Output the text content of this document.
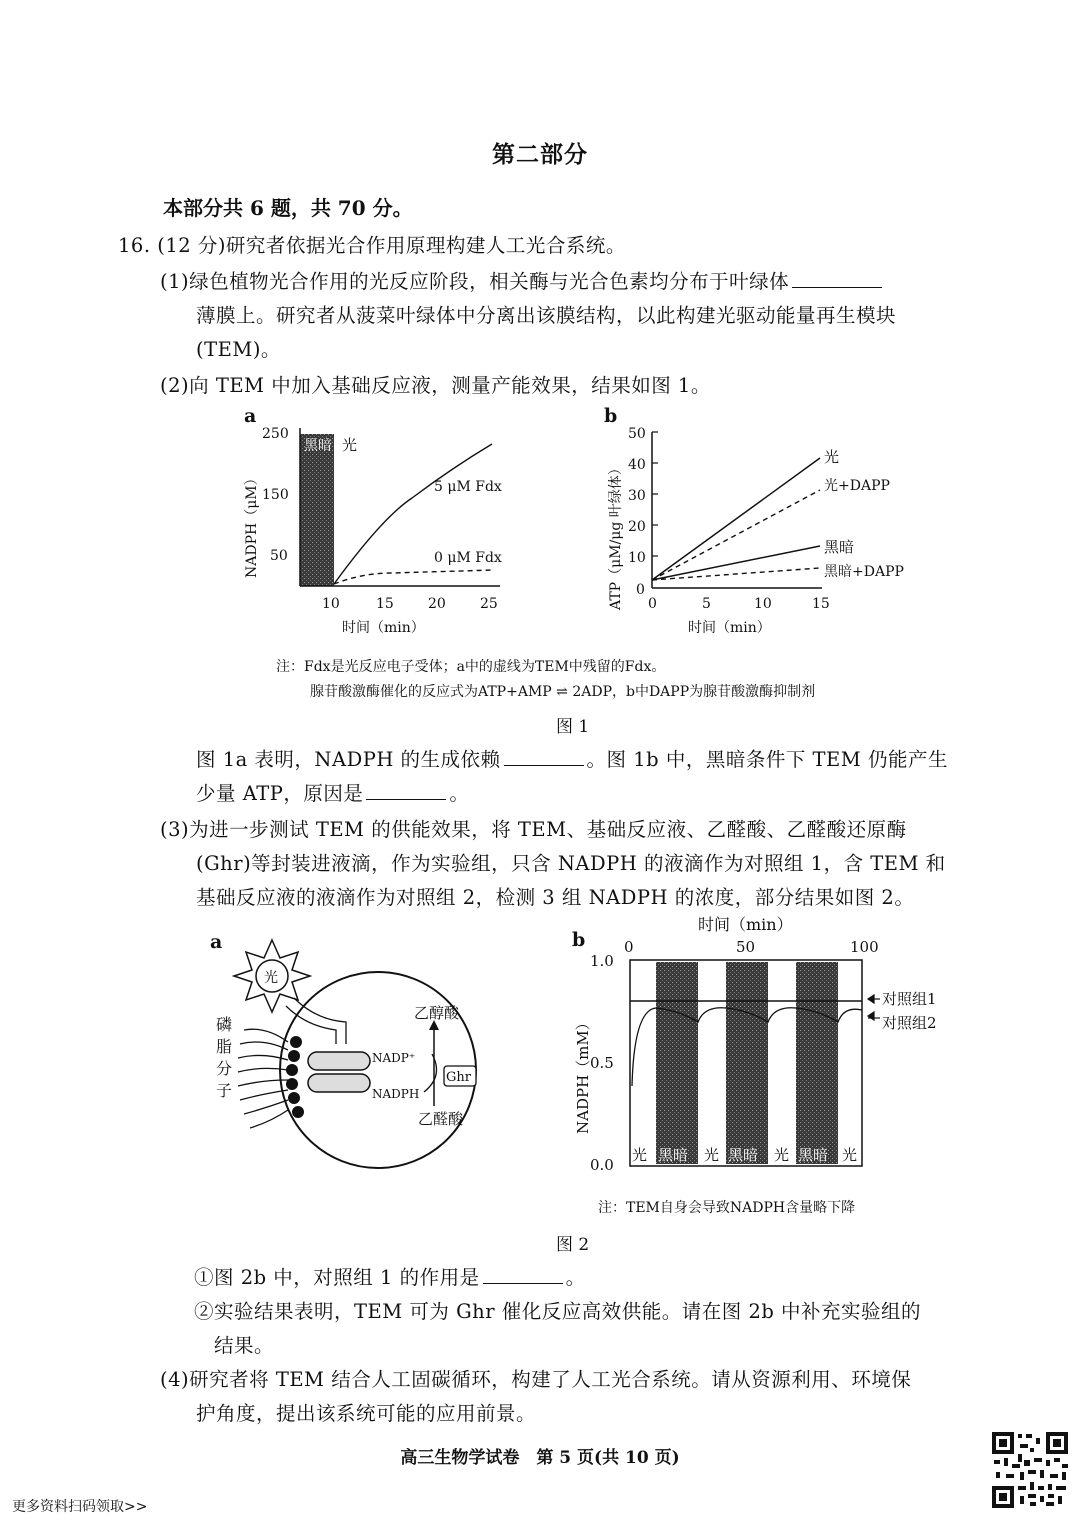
第二部分
本部分共 6 题，共 70 分。
16. (12 分)研究者依据光合作用原理构建人工光合系统。
(1)绿色植物光合作用的光反应阶段，相关酶与光合色素均分布于叶绿体
薄膜上。研究者从菠菜叶绿体中分离出该膜结构，以此构建光驱动能量再生模块
(TEM)。
(2)向 TEM 中加入基础反应液，测量产能效果，结果如图 1。
a
黑暗 光
250
150
50
10	15 20 25
时间（min）
NADPH（μM）	5 μM Fdx
0 μM Fdx
b
50
40
30
20
10
0
0	5	10	15
时间（min）
ATP（μM/μg 叶绿体）
光
光+DAPP
黑暗
黑暗+DAPP
注：Fdx是光反应电子受体；a中的虚线为TEM中残留的Fdx。
腺苷酸激酶催化的反应式为ATP+AMP ⇌ 2ADP，b中DAPP为腺苷酸激酶抑制剂
图 1
图 1a 表明，NADPH 的生成依赖	。图 1b 中，黑暗条件下 TEM 仍能产生
少量 ATP，原因是	。
(3)为进一步测试 TEM 的供能效果，将 TEM、基础反应液、乙醛酸、乙醛酸还原酶
(Ghr)等封装进液滴，作为实验组，只含 NADPH 的液滴作为对照组 1，含 TEM 和
基础反应液的液滴作为对照组 2，检测 3 组 NADPH 的浓度，部分结果如图 2。
a
光
磷
脂
分
子
NADP⁺
NADPH
Ghr
乙醇酸
乙醛酸
时间（min）
0	50	100
b
1.0
0.5
0.0
NADPH（mM）
对照组1
对照组2
光 黑暗 光 黑暗 光 黑暗 光
注：TEM自身会导致NADPH含量略下降
图 2
①图 2b 中，对照组 1 的作用是	。
②实验结果表明，TEM 可为 Ghr 催化反应高效供能。请在图 2b 中补充实验组的
结果。
(4)研究者将 TEM 结合人工固碳循环，构建了人工光合系统。请从资源利用、环境保
护角度，提出该系统可能的应用前景。
高三生物学试卷　第 5 页(共 10 页)
更多资料扫码领取>>
